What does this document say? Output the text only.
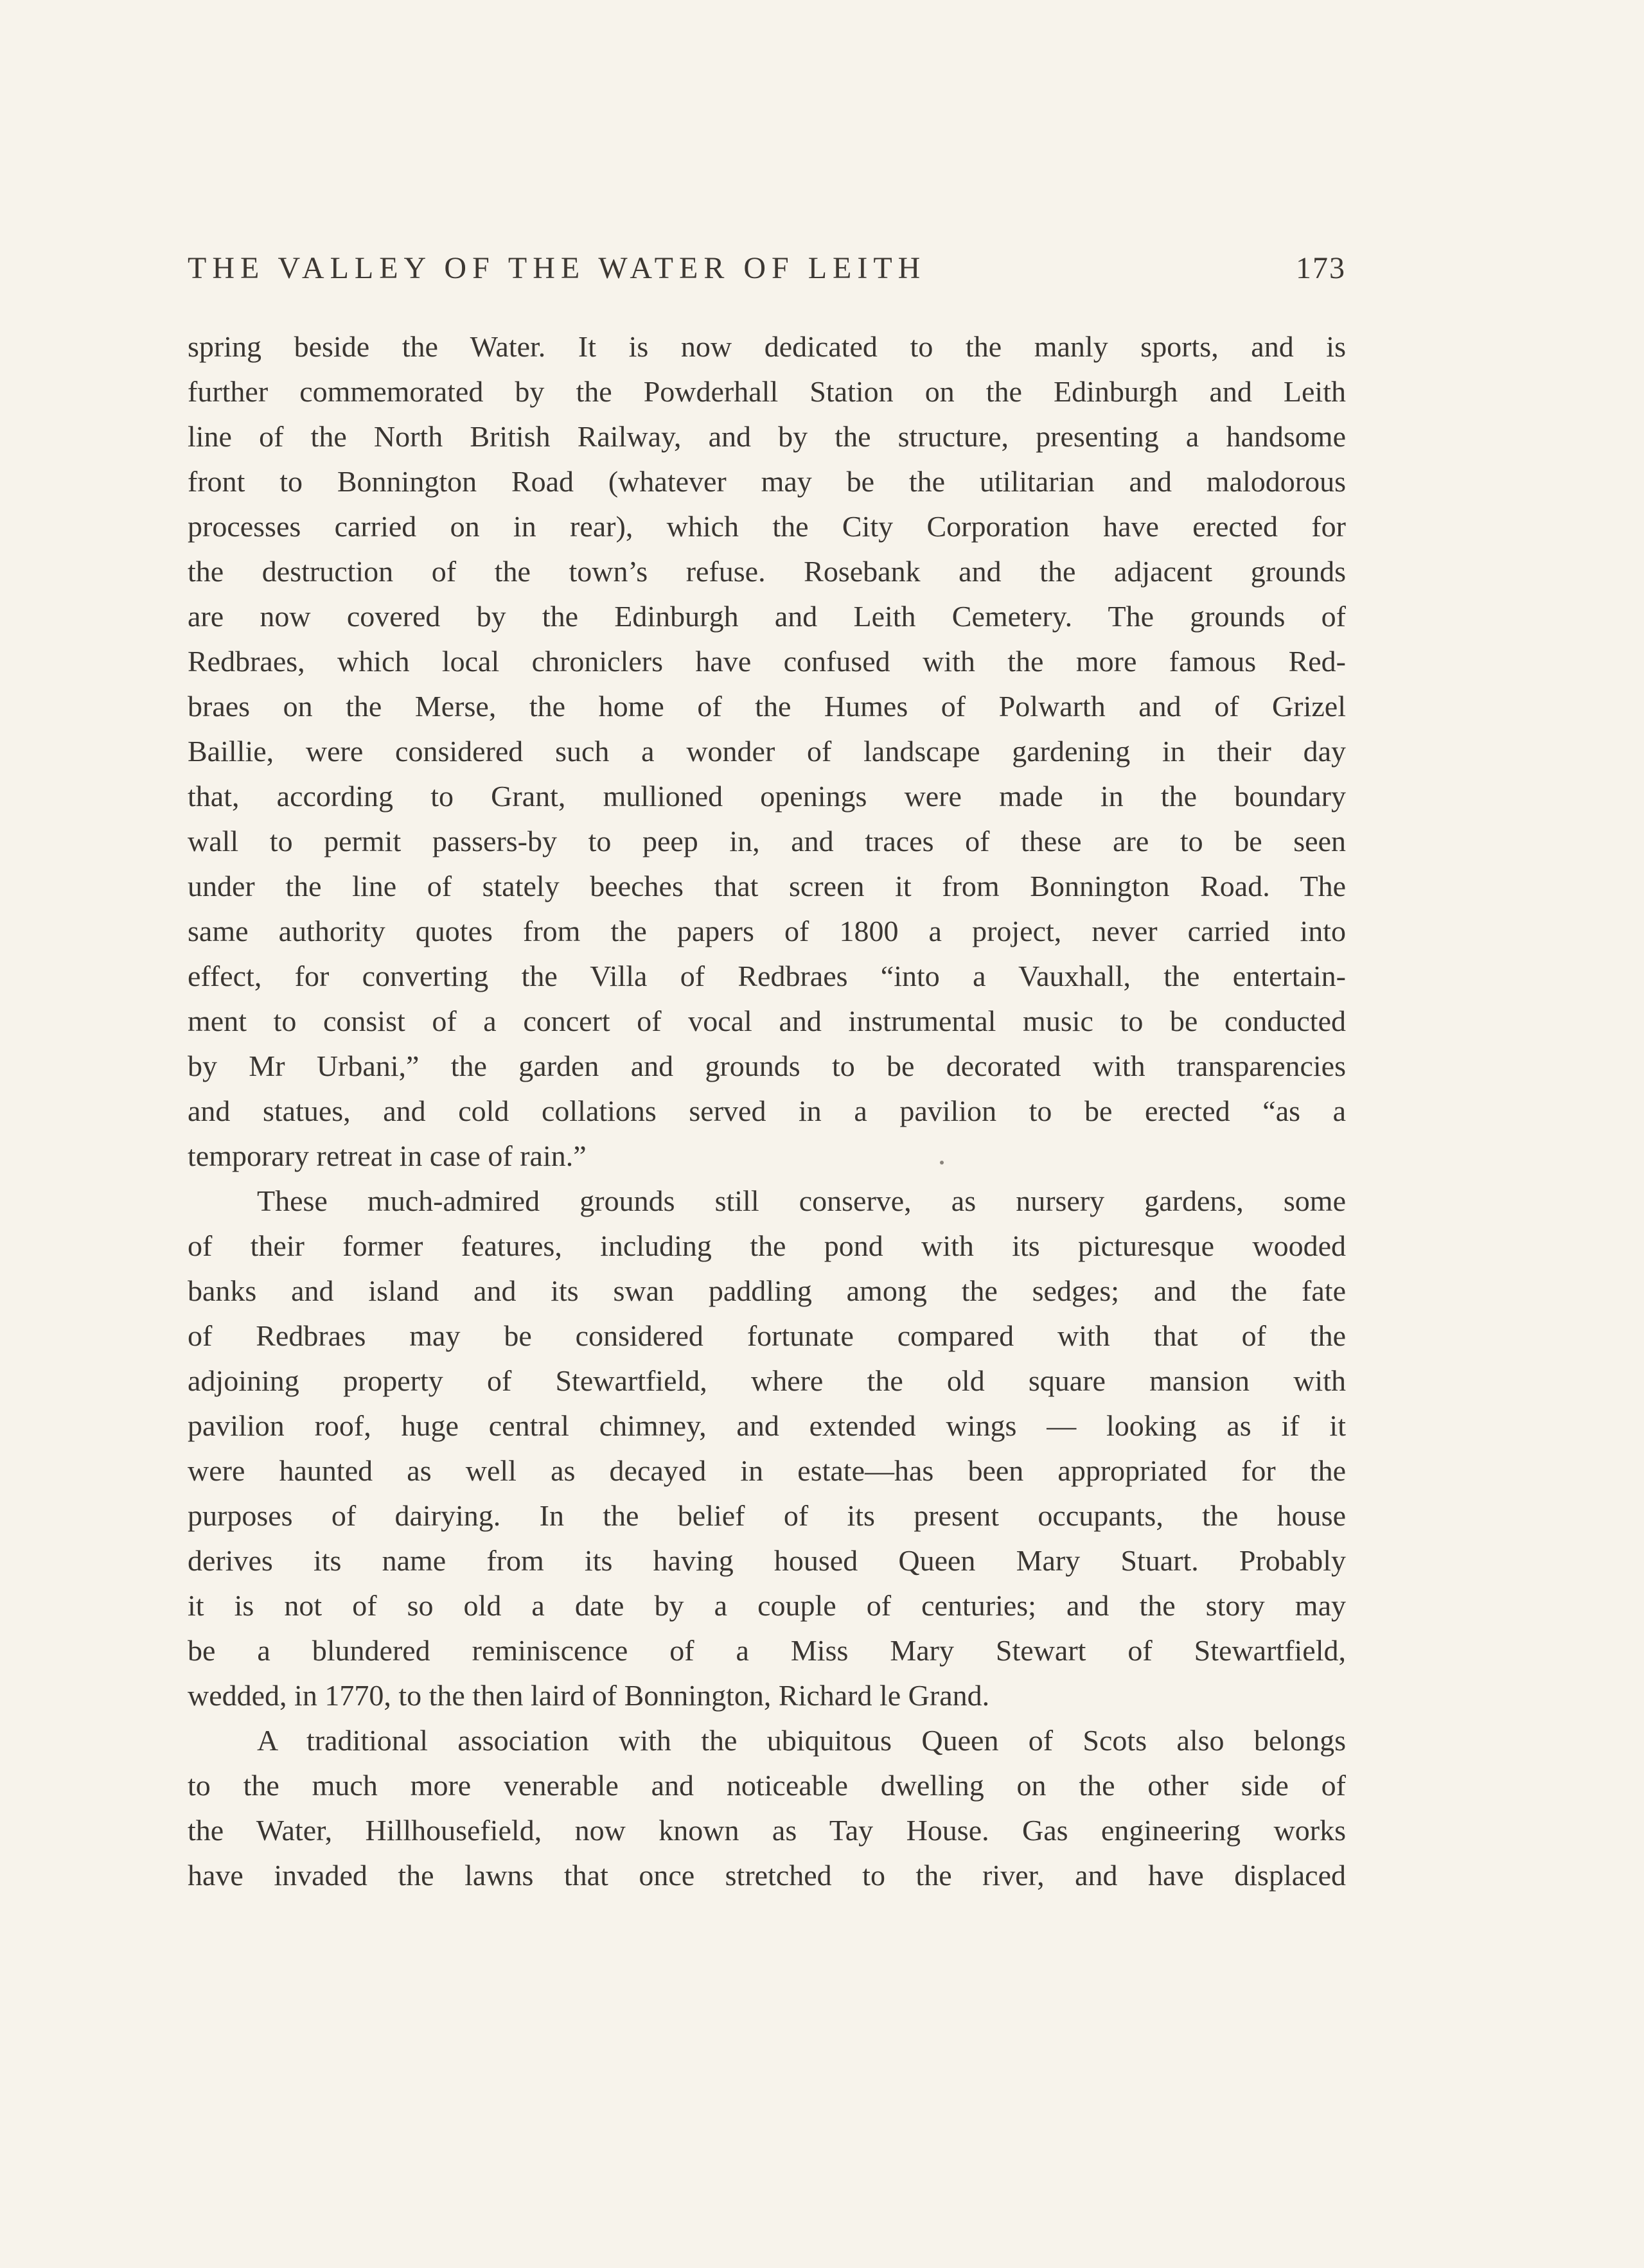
THE VALLEY OF THE WATER OF LEITH	173
spring beside the Water. It is now dedicated to the manly sports, and is
further commemorated by the Powderhall Station on the Edinburgh and Leith
line of the North British Railway, and by the structure, presenting a handsome
front to Bonnington Road (whatever may be the utilitarian and malodorous
processes carried on in rear), which the City Corporation have erected for
the destruction of the town’s refuse. Rosebank and the adjacent grounds
are now covered by the Edinburgh and Leith Cemetery. The grounds of
Redbraes, which local chroniclers have confused with the more famous Red-
braes on the Merse, the home of the Humes of Polwarth and of Grizel
Baillie, were considered such a wonder of landscape gardening in their day
that, according to Grant, mullioned openings were made in the boundary
wall to permit passers-by to peep in, and traces of these are to be seen
under the line of stately beeches that screen it from Bonnington Road. The
same authority quotes from the papers of 1800 a project, never carried into
effect, for converting the Villa of Redbraes “into a Vauxhall, the entertain-
ment to consist of a concert of vocal and instrumental music to be conducted
by Mr Urbani,” the garden and grounds to be decorated with transparencies
and statues, and cold collations served in a pavilion to be erected “as a
temporary retreat in case of rain.”
These much-admired grounds still conserve, as nursery gardens, some
of their former features, including the pond with its picturesque wooded
banks and island and its swan paddling among the sedges; and the fate
of Redbraes may be considered fortunate compared with that of the
adjoining property of Stewartfield, where the old square mansion with
pavilion roof, huge central chimney, and extended wings — looking as if it
were haunted as well as decayed in estate—has been appropriated for the
purposes of dairying. In the belief of its present occupants, the house
derives its name from its having housed Queen Mary Stuart. Probably
it is not of so old a date by a couple of centuries; and the story may
be a blundered reminiscence of a Miss Mary Stewart of Stewartfield,
wedded, in 1770, to the then laird of Bonnington, Richard le Grand.
A traditional association with the ubiquitous Queen of Scots also belongs
to the much more venerable and noticeable dwelling on the other side of
the Water, Hillhousefield, now known as Tay House. Gas engineering works
have invaded the lawns that once stretched to the river, and have displaced
